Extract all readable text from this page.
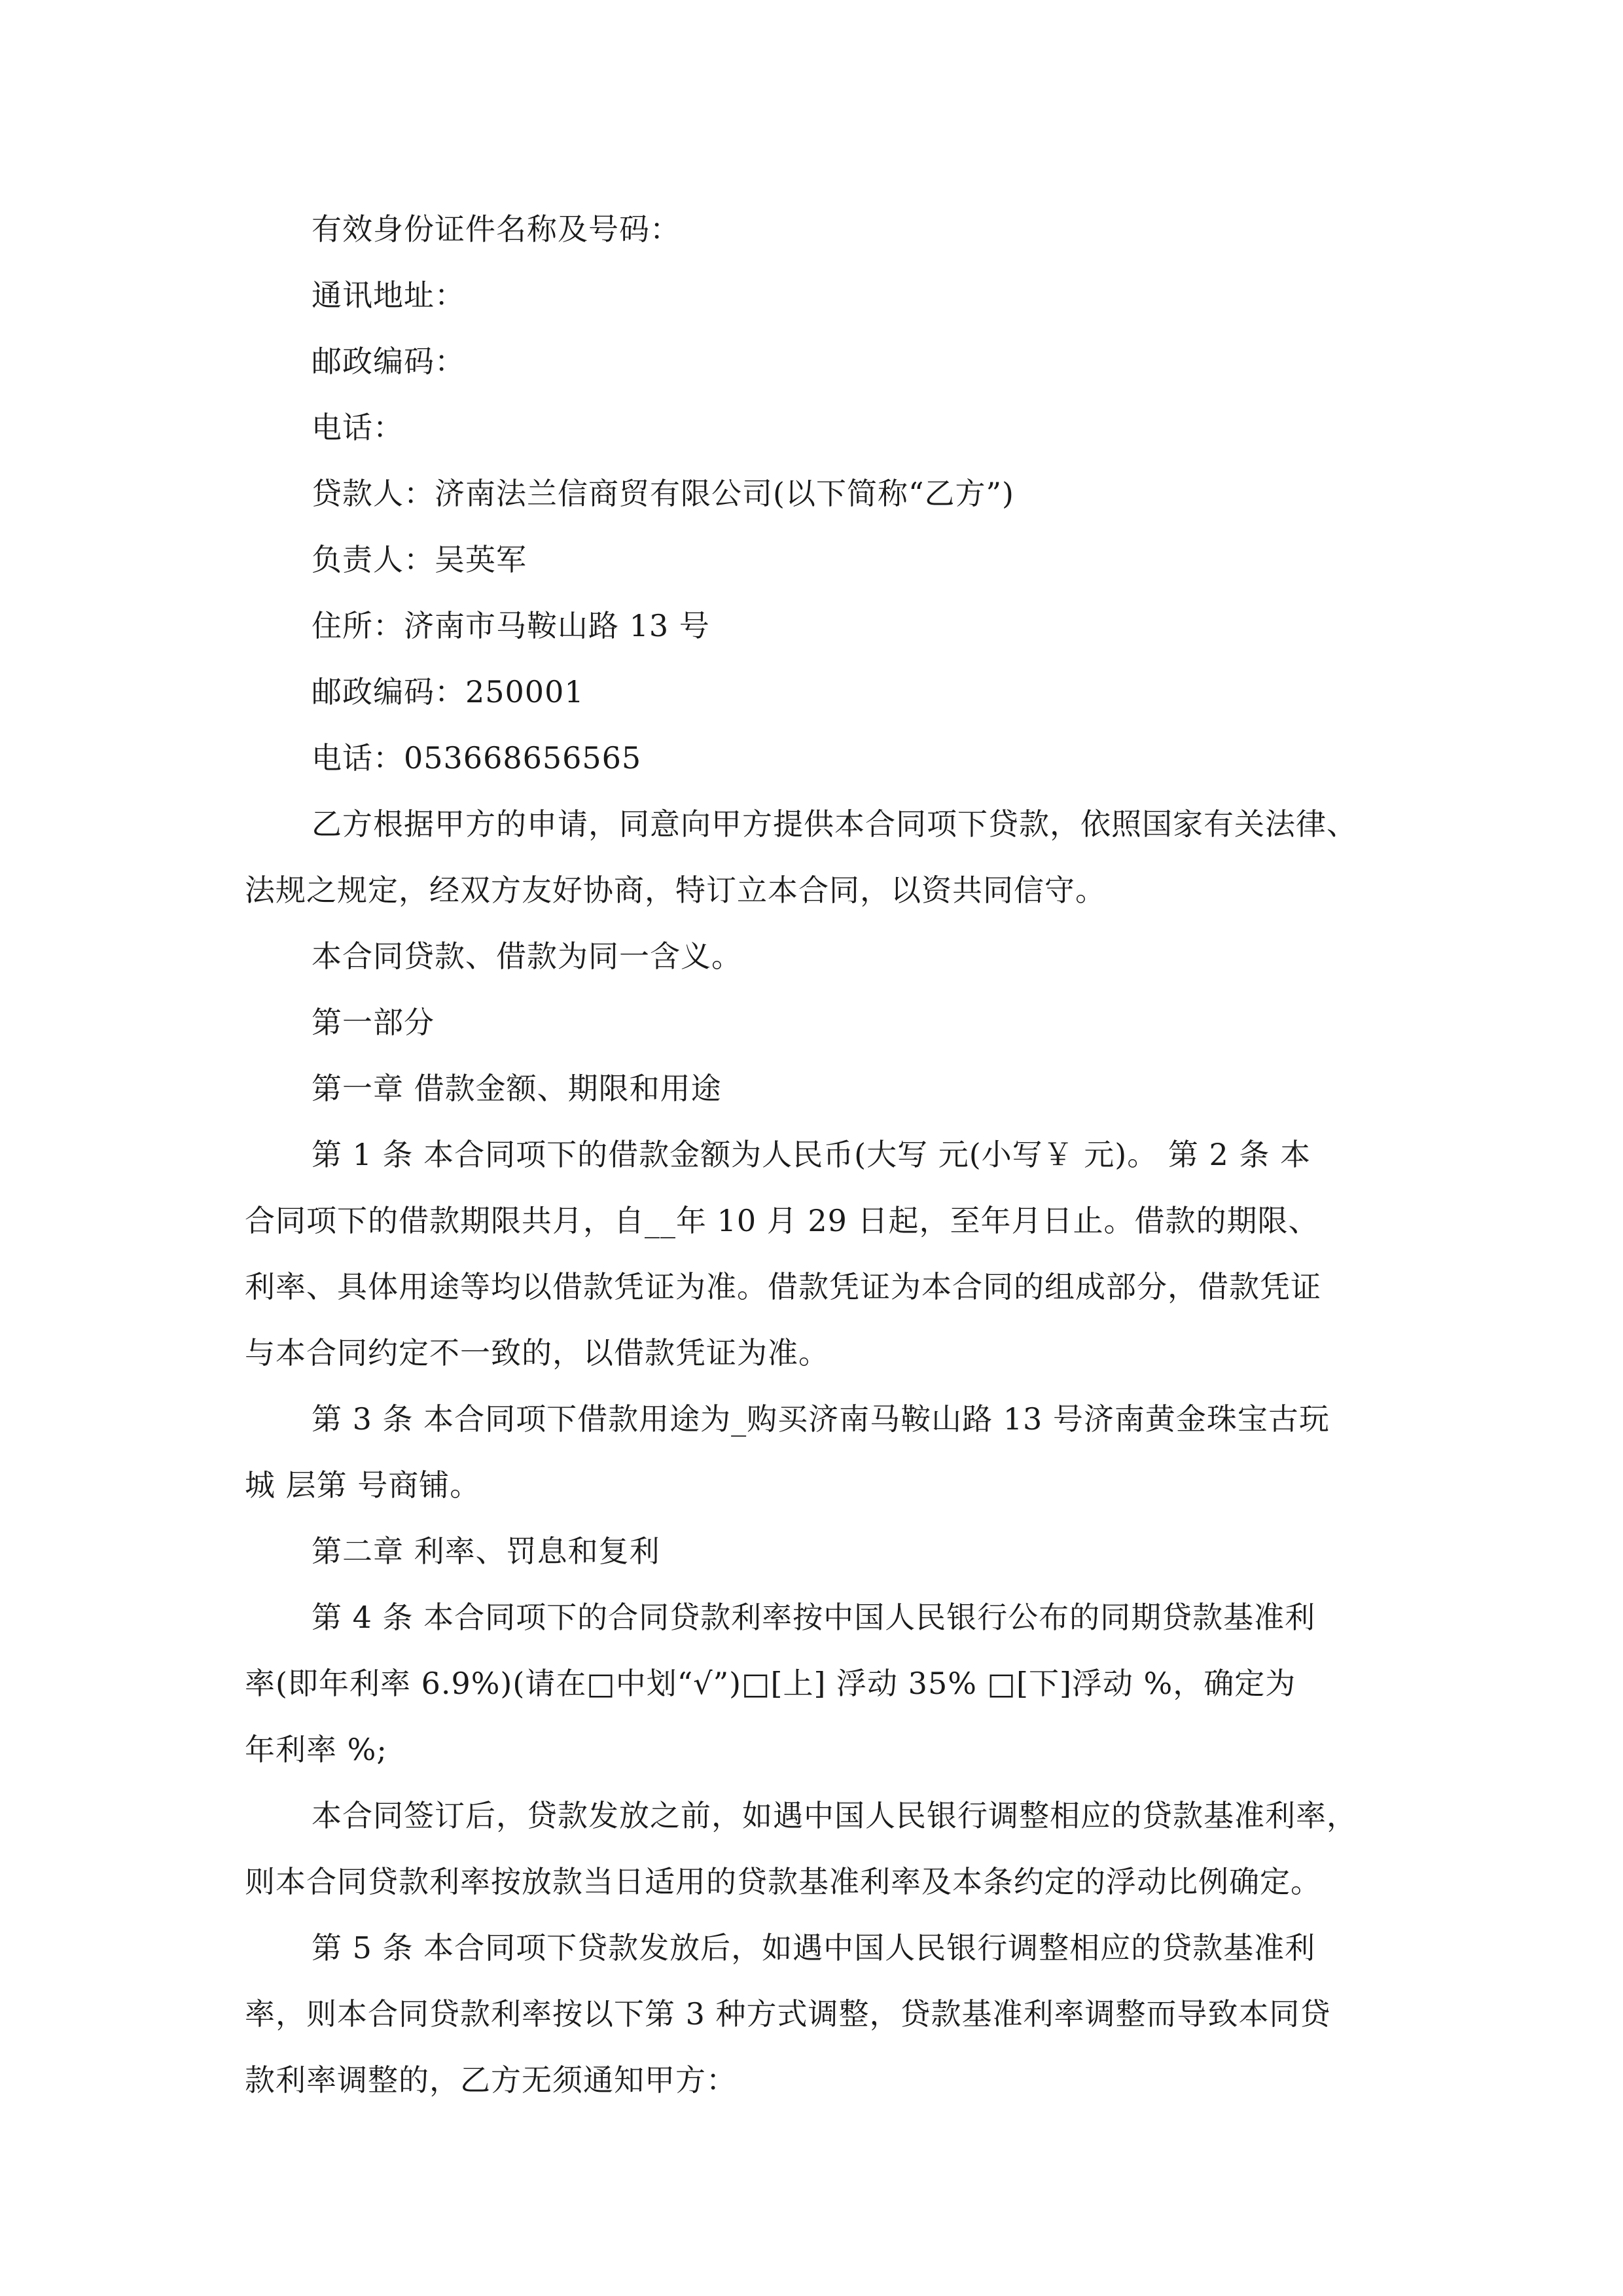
有效身份证件名称及号码：
通讯地址：
邮政编码：
电话：
贷款人：济南法兰信商贸有限公司(以下简称“乙方”)
负责人：吴英军
住所：济南市马鞍山路 13 号
邮政编码：250001
电话：053668656565
乙方根据甲方的申请，同意向甲方提供本合同项下贷款，依照国家有关法律、
法规之规定，经双方友好协商，特订立本合同，以资共同信守。
本合同贷款、借款为同一含义。
第一部分
第一章 借款金额、期限和用途
第 1 条 本合同项下的借款金额为人民币(大写 元(小写￥ 元)。 第 2 条 本
合同项下的借款期限共月，自__年 10 月 29 日起，至年月日止。借款的期限、
利率、具体用途等均以借款凭证为准。借款凭证为本合同的组成部分，借款凭证
与本合同约定不一致的，以借款凭证为准。
第 3 条 本合同项下借款用途为_购买济南马鞍山路 13 号济南黄金珠宝古玩
城 层第 号商铺。
第二章 利率、罚息和复利
第 4 条 本合同项下的合同贷款利率按中国人民银行公布的同期贷款基准利
率(即年利率 6.9%)(请在□中划“√”)□[上] 浮动 35% □[下]浮动 %，确定为
年利率 %;
本合同签订后，贷款发放之前，如遇中国人民银行调整相应的贷款基准利率，
则本合同贷款利率按放款当日适用的贷款基准利率及本条约定的浮动比例确定。
第 5 条 本合同项下贷款发放后，如遇中国人民银行调整相应的贷款基准利
率，则本合同贷款利率按以下第 3 种方式调整，贷款基准利率调整而导致本同贷
款利率调整的，乙方无须通知甲方：
